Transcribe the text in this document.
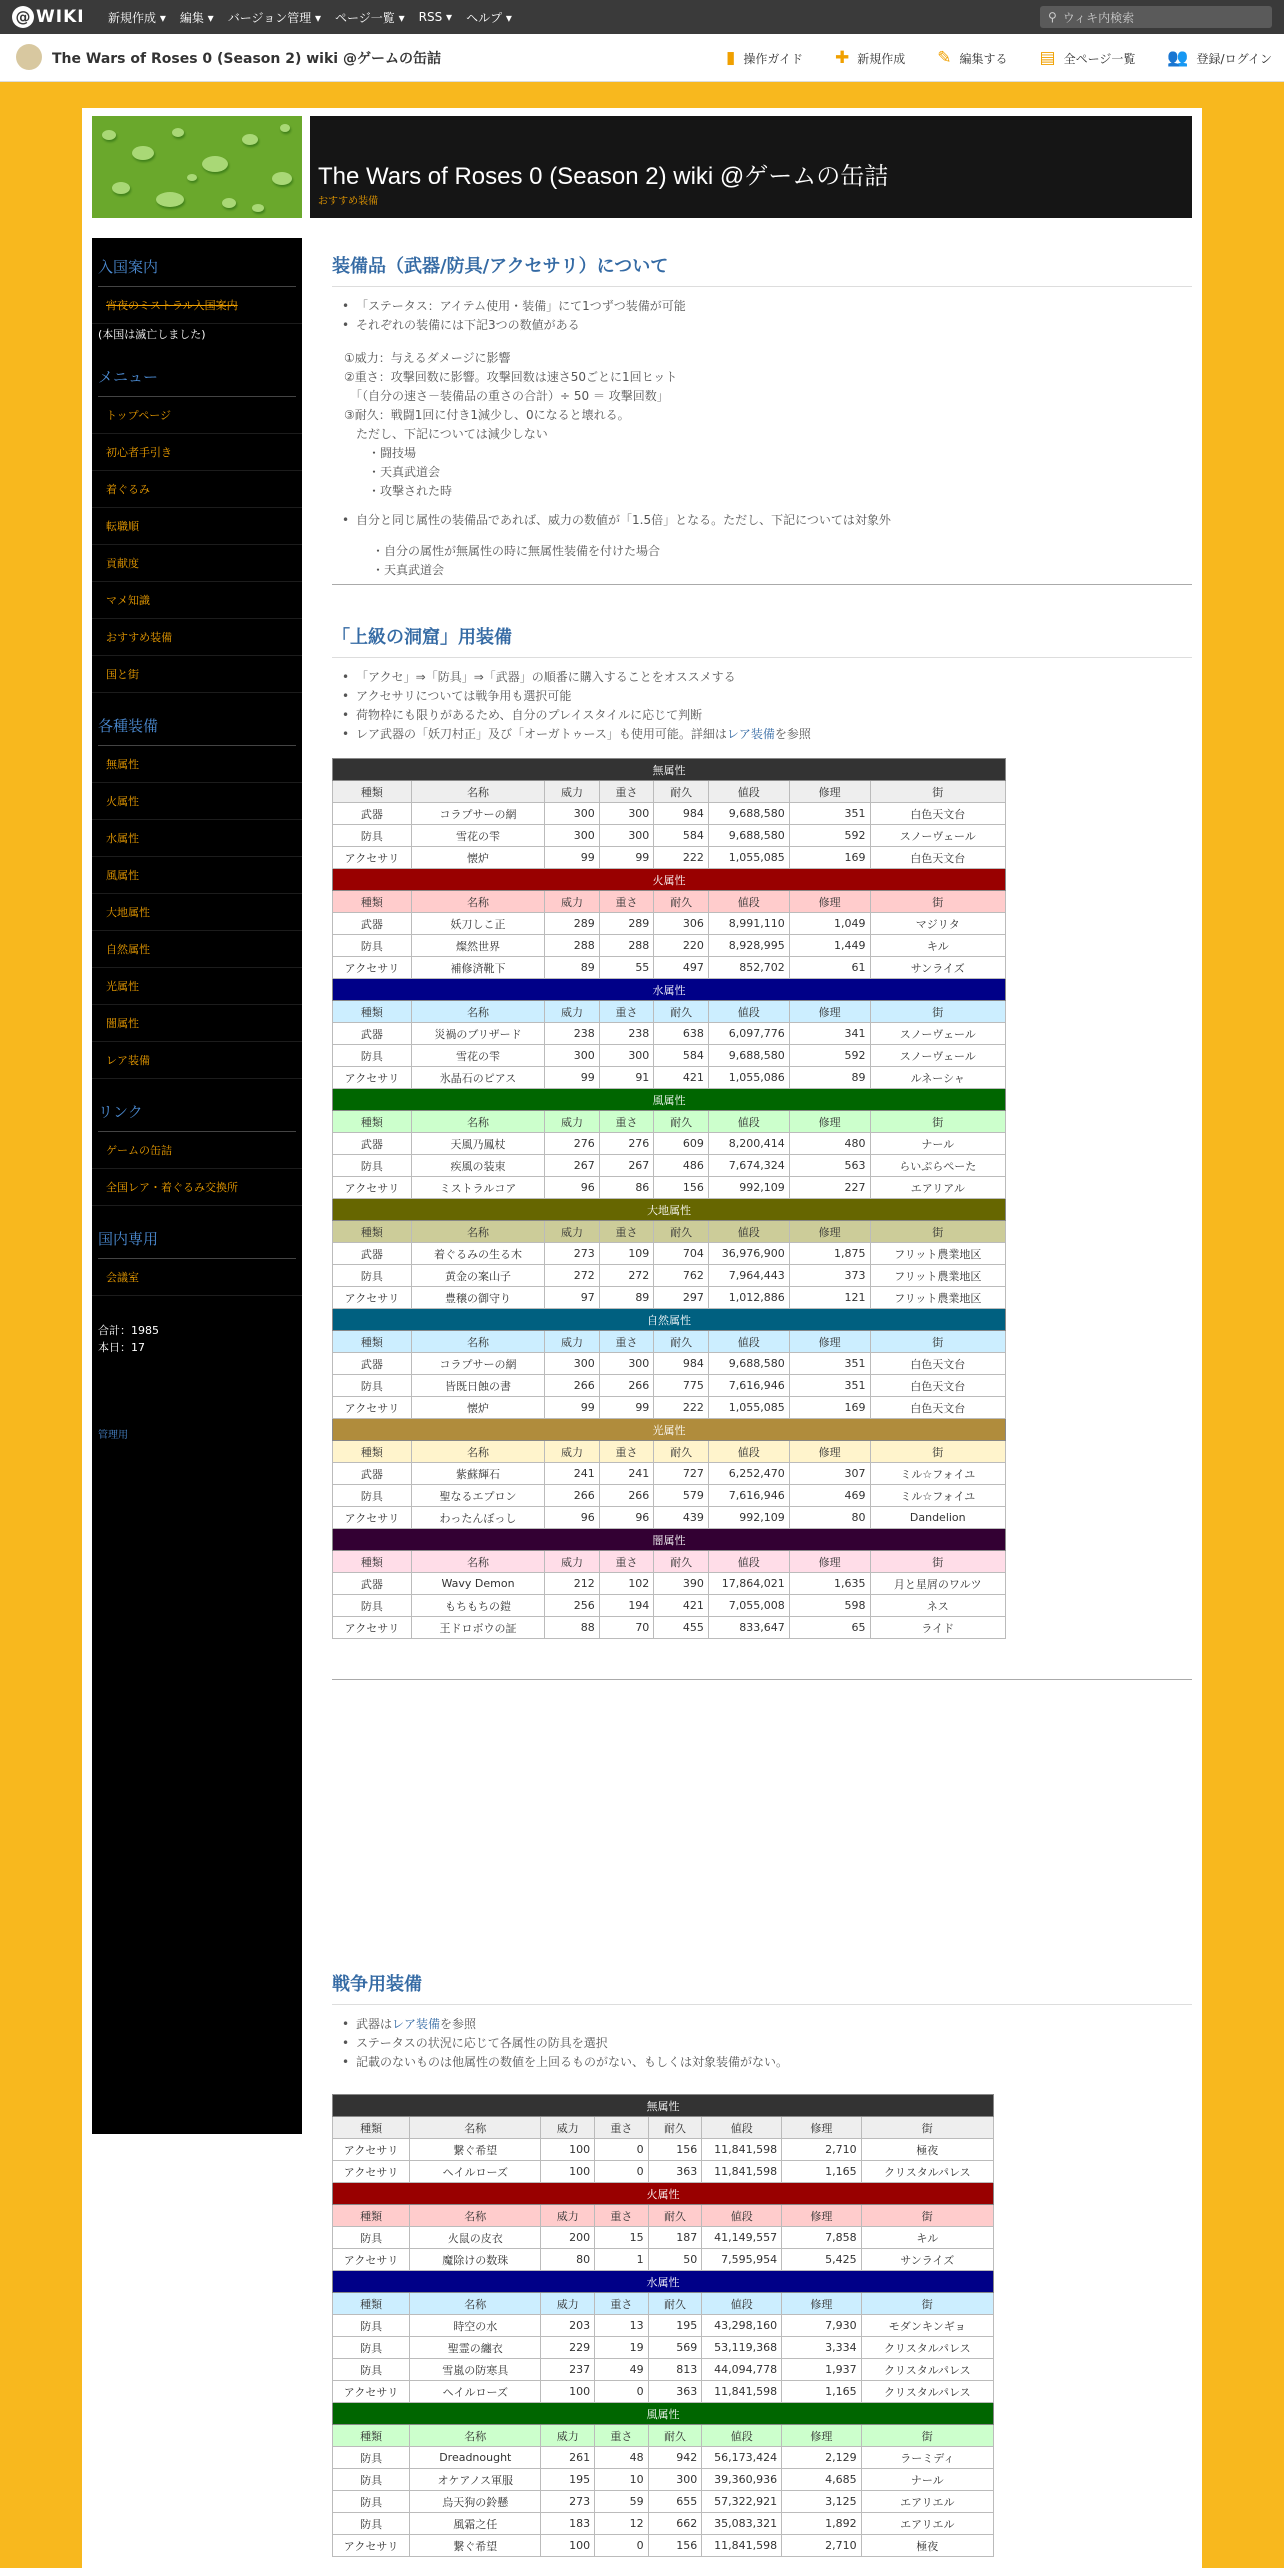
@ WIKI 新規作成 ▾ 編集 ▾ バージョン管理 ▾ ページ一覧 ▾ RSS ▾ ヘルプ ▾	⚲ ウィキ内検索
The Wars of Roses 0 (Season 2) wiki @ゲームの缶詰	▮ 操作ガイド ✚ 新規作成 ✎ 編集する ▤ 全ページ一覧 👥 登録/ログイン
The Wars of Roses 0 (Season 2) wiki @ゲームの缶詰
おすすめ装備
入国案内
宵夜のミストラル入国案内
(本国は滅亡しました)
メニュー
トップページ
初心者手引き
着ぐるみ
転職順
貢献度
マメ知識
おすすめ装備
国と街
各種装備
無属性
火属性
水属性
風属性
大地属性
自然属性
光属性
闇属性
レア装備
リンク
ゲームの缶詰
全国レア・着ぐるみ交換所
国内専用
会議室
合計：1985
本日：17
管理用
装備品（武器/防具/アクセサリ）について
• 「ステータス：アイテム使用・装備」にて1つずつ装備が可能
• それぞれの装備には下記3つの数値がある
①威力：与えるダメージに影響
②重さ：攻撃回数に影響。攻撃回数は速さ50ごとに1回ヒット
　「（自分の速さ－装備品の重さの合計）÷ 50 ＝ 攻撃回数」
③耐久：戦闘1回に付き1減少し、0になると壊れる。
　ただし、下記については減少しない
　　・闘技場
　　・天真武道会
　　・攻撃された時
• 自分と同じ属性の装備品であれば、威力の数値が「1.5倍」となる。ただし、下記については対象外
・自分の属性が無属性の時に無属性装備を付けた場合
・天真武道会
「上級の洞窟」用装備
• 「アクセ」⇒「防具」⇒「武器」の順番に購入することをオススメする
• アクセサリについては戦争用も選択可能
• 荷物枠にも限りがあるため、自分のプレイスタイルに応じて判断
• レア武器の「妖刀村正」及び「オーガトゥース」も使用可能。詳細はレア装備を参照
無属性							
種類	名称	威力	重さ	耐久	値段	修理	街
武器	コラプサーの網	300	300	984	9,688,580	351	白色天文台
防具	雪花の雫	300	300	584	9,688,580	592	スノーヴェール
アクセサリ	懐炉	99	99	222	1,055,085	169	白色天文台
火属性							
種類	名称	威力	重さ	耐久	値段	修理	街
武器	妖刀しこ正	289	289	306	8,991,110	1,049	マジリタ
防具	燦然世界	288	288	220	8,928,995	1,449	キル
アクセサリ	補修済靴下	89	55	497	852,702	61	サンライズ
水属性							
種類	名称	威力	重さ	耐久	値段	修理	街
武器	災禍のブリザード	238	238	638	6,097,776	341	スノーヴェール
防具	雪花の雫	300	300	584	9,688,580	592	スノーヴェール
アクセサリ	氷晶石のピアス	99	91	421	1,055,086	89	ルネーシャ
風属性							
種類	名称	威力	重さ	耐久	値段	修理	街
武器	天風乃鳳杖	276	276	609	8,200,414	480	ナール
防具	疾風の装束	267	267	486	7,674,324	563	らいぷらぺーた
アクセサリ	ミストラルコア	96	86	156	992,109	227	エアリアル
大地属性							
種類	名称	威力	重さ	耐久	値段	修理	街
武器	着ぐるみの生る木	273	109	704	36,976,900	1,875	フリット農業地区
防具	黄金の案山子	272	272	762	7,964,443	373	フリット農業地区
アクセサリ	豊穣の御守り	97	89	297	1,012,886	121	フリット農業地区
自然属性							
種類	名称	威力	重さ	耐久	値段	修理	街
武器	コラプサーの網	300	300	984	9,688,580	351	白色天文台
防具	皆既日蝕の書	266	266	775	7,616,946	351	白色天文台
アクセサリ	懐炉	99	99	222	1,055,085	169	白色天文台
光属性							
種類	名称	威力	重さ	耐久	値段	修理	街
武器	紫蘇輝石	241	241	727	6,252,470	307	ミル☆フォイユ
防具	聖なるエプロン	266	266	579	7,616,946	469	ミル☆フォイユ
アクセサリ	わったんぼっし	96	96	439	992,109	80	Dandelion
闇属性							
種類	名称	威力	重さ	耐久	値段	修理	街
武器	Wavy Demon	212	102	390	17,864,021	1,635	月と星屑のワルツ
防具	もちもちの鎧	256	194	421	7,055,008	598	ネス
アクセサリ	王ドロボウの証	88	70	455	833,647	65	ライド
戦争用装備
• 武器はレア装備を参照
• ステータスの状況に応じて各属性の防具を選択
• 記載のないものは他属性の数値を上回るものがない、もしくは対象装備がない。
無属性							
種類	名称	威力	重さ	耐久	値段	修理	街
アクセサリ	繋ぐ希望	100	0	156	11,841,598	2,710	極夜
アクセサリ	ヘイルローズ	100	0	363	11,841,598	1,165	クリスタルパレス
火属性							
種類	名称	威力	重さ	耐久	値段	修理	街
防具	火鼠の皮衣	200	15	187	41,149,557	7,858	キル
アクセサリ	魔除けの数珠	80	1	50	7,595,954	5,425	サンライズ
水属性							
種類	名称	威力	重さ	耐久	値段	修理	街
防具	時空の水	203	13	195	43,298,160	7,930	モダンキンギョ
防具	聖霊の纏衣	229	19	569	53,119,368	3,334	クリスタルパレス
防具	雪嵐の防寒具	237	49	813	44,094,778	1,937	クリスタルパレス
アクセサリ	ヘイルローズ	100	0	363	11,841,598	1,165	クリスタルパレス
風属性							
種類	名称	威力	重さ	耐久	値段	修理	街
防具	Dreadnought	261	48	942	56,173,424	2,129	ラーミディ
防具	オケアノス軍服	195	10	300	39,360,936	4,685	ナール
防具	烏天狗の鈴懸	273	59	655	57,322,921	3,125	エアリエル
防具	風霜之任	183	12	662	35,083,321	1,892	エアリエル
アクセサリ	繋ぐ希望	100	0	156	11,841,598	2,710	極夜
